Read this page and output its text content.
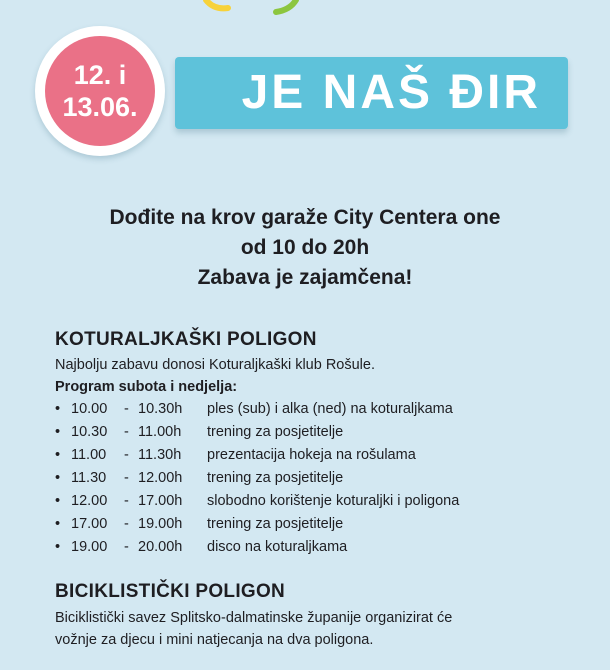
JE NAŠ ĐIR
12. i
13.06.
Dođite na krov garaže City Centera one
od 10 do 20h
Zabava je zajamčena!
KOTURALJKAŠKI POLIGON
Najbolju zabavu donosi Koturaljkaški klub Rošule.
Program subota i nedjelja:
• 10.00 - 10.30h	ples (sub) i alka (ned) na koturaljkama
• 10.30 - 11.00h	trening za posjetitelje
• 11.00 - 11.30h	prezentacija hokeja na rošulama
• 11.30 - 12.00h	trening za posjetitelje
• 12.00 - 17.00h	slobodno korištenje koturaljki i poligona
• 17.00 - 19.00h	trening za posjetitelje
• 19.00 - 20.00h	disco na koturaljkama
BICIKLISTIČKI POLIGON
Biciklistički savez Splitsko-dalmatinske županije organizirat će
vožnje za djecu i mini natjecanja na dva poligona.
